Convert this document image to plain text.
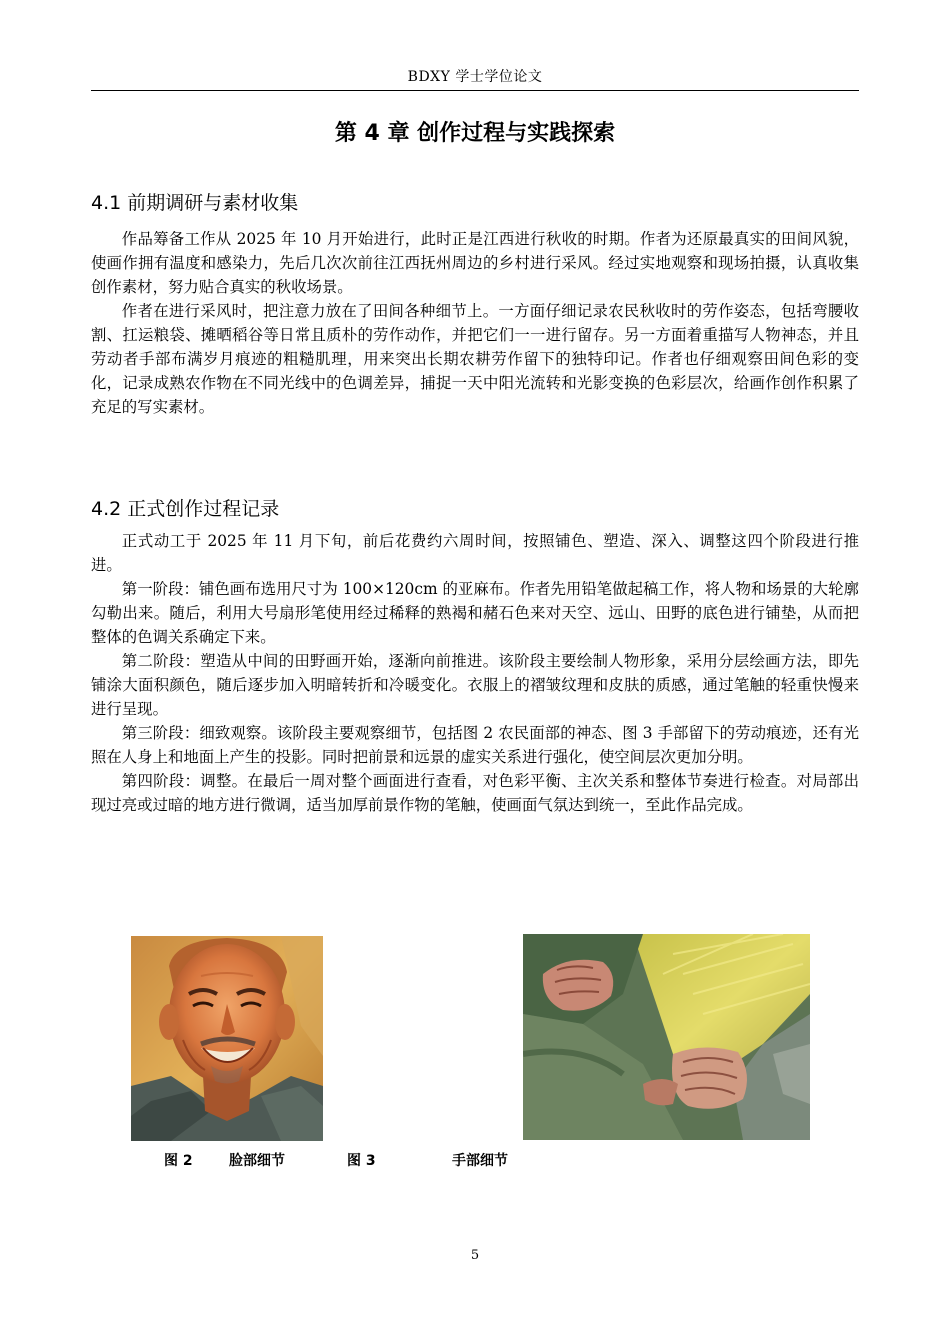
BDXY 学士学位论文
第 4 章 创作过程与实践探索
4.1 前期调研与素材收集

作品筹备工作从 2025 年 10 月开始进行，此时正是江西进行秋收的时期。作者为还原最真实的田间风貌，使画作拥有温度和感染力，先后几次次前往江西抚州周边的乡村进行采风。经过实地观察和现场拍摄，认真收集创作素材，努力贴合真实的秋收场景。

作者在进行采风时，把注意力放在了田间各种细节上。一方面仔细记录农民秋收时的劳作姿态，包括弯腰收割、扛运粮袋、摊晒稻谷等日常且质朴的劳作动作，并把它们一一进行留存。另一方面着重描写人物神态，并且劳动者手部布满岁月痕迹的粗糙肌理，用来突出长期农耕劳作留下的独特印记。作者也仔细观察田间色彩的变化，记录成熟农作物在不同光线中的色调差异，捕捉一天中阳光流转和光影变换的色彩层次，给画作创作积累了充足的写实素材。

4.2 正式创作过程记录

正式动工于 2025 年 11 月下旬，前后花费约六周时间，按照铺色、塑造、深入、调整这四个阶段进行推进。

第一阶段：铺色画布选用尺寸为 100×120cm 的亚麻布。作者先用铅笔做起稿工作，将人物和场景的大轮廓勾勒出来。随后，利用大号扇形笔使用经过稀释的熟褐和赭石色来对天空、远山、田野的底色进行铺垫，从而把整体的色调关系确定下来。

第二阶段：塑造从中间的田野画开始，逐渐向前推进。该阶段主要绘制人物形象，采用分层绘画方法，即先铺涂大面积颜色，随后逐步加入明暗转折和冷暖变化。衣服上的褶皱纹理和皮肤的质感，通过笔触的轻重快慢来进行呈现。

第三阶段：细致观察。该阶段主要观察细节，包括图 2 农民面部的神态、图 3 手部留下的劳动痕迹，还有光照在人身上和地面上产生的投影。同时把前景和远景的虚实关系进行强化，使空间层次更加分明。

第四阶段：调整。在最后一周对整个画面进行查看，对色彩平衡、主次关系和整体节奏进行检查。对局部出现过亮或过暗的地方进行微调，适当加厚前景作物的笔触，使画面气氛达到统一，至此作品完成。

图 2	脸部细节	图 3	手部细节
5
